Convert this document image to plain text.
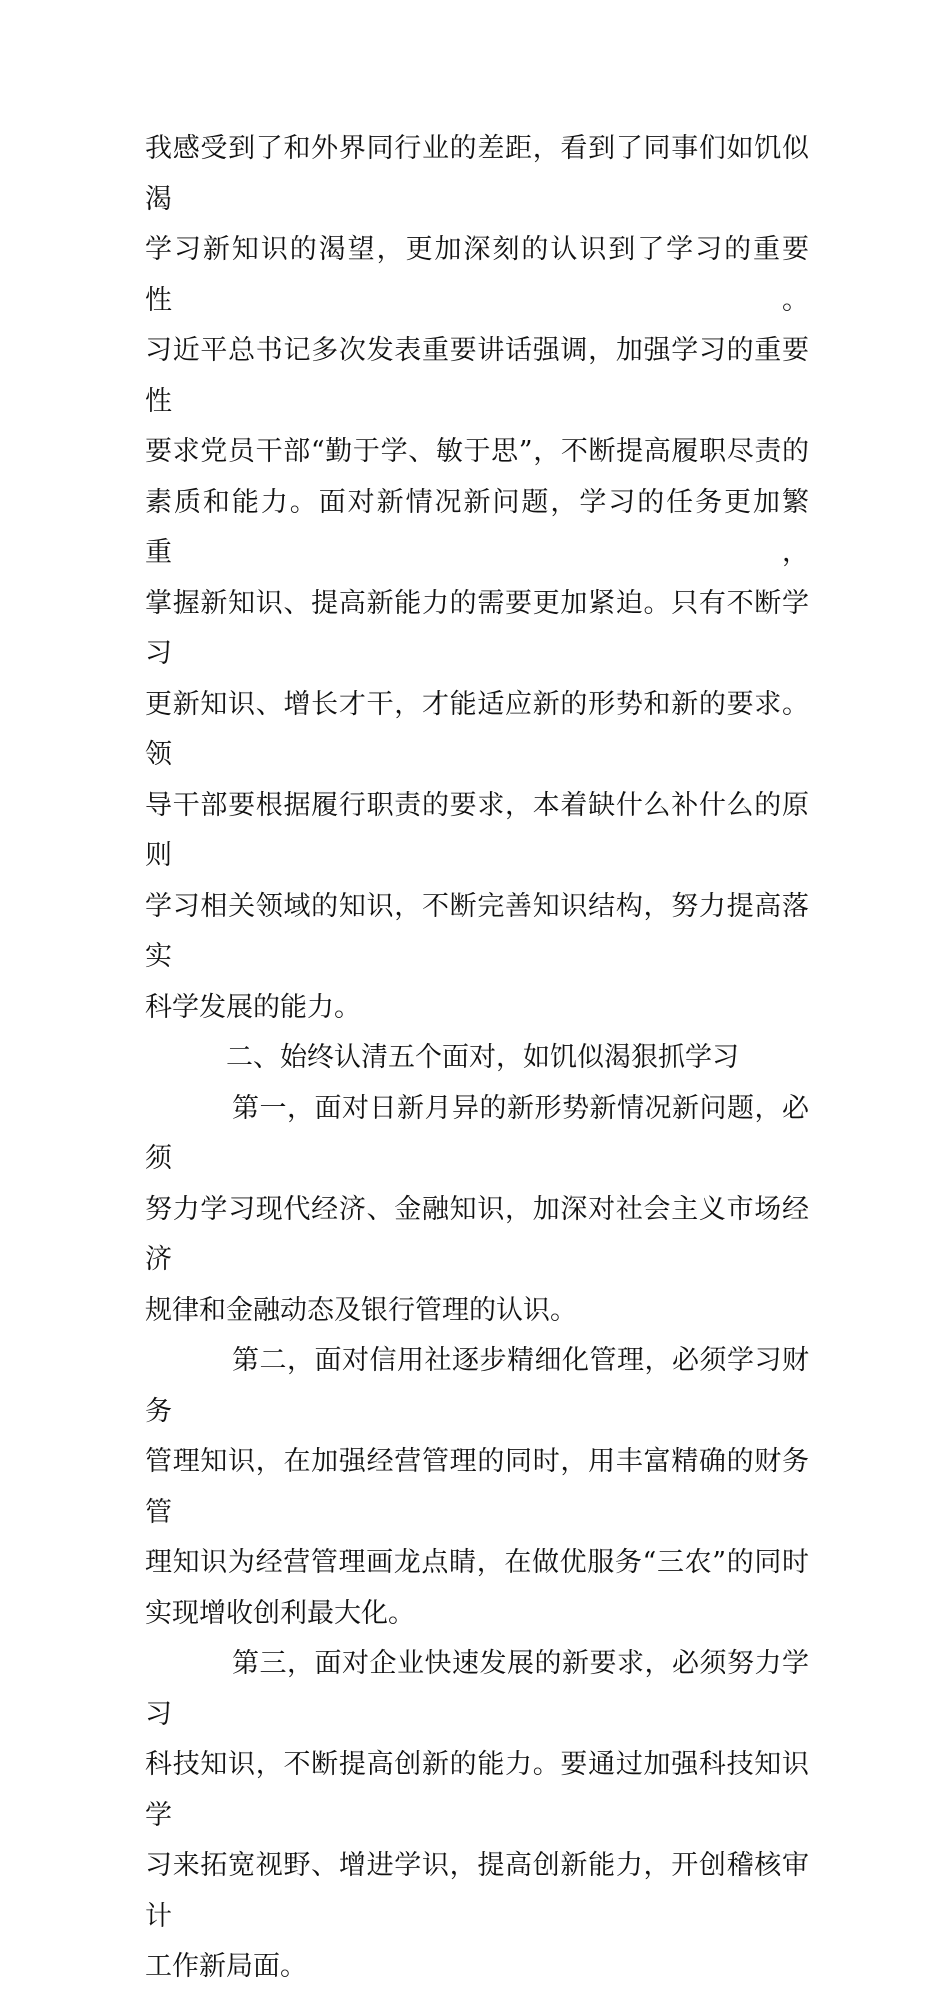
我感受到了和外界同行业的差距，看到了同事们如饥似渴
学习新知识的渴望，更加深刻的认识到了学习的重要性。
习近平总书记多次发表重要讲话强调，加强学习的重要性
要求党员干部“勤于学、敏于思”，不断提高履职尽责的
素质和能力。面对新情况新问题，学习的任务更加繁重，
掌握新知识、提高新能力的需要更加紧迫。只有不断学习
更新知识、增长才干，才能适应新的形势和新的要求。领
导干部要根据履行职责的要求，本着缺什么补什么的原则
学习相关领域的知识，不断完善知识结构，努力提高落实
科学发展的能力。
二、始终认清五个面对，如饥似渴狠抓学习
第一，面对日新月异的新形势新情况新问题，必须
努力学习现代经济、金融知识，加深对社会主义市场经济
规律和金融动态及银行管理的认识。
第二，面对信用社逐步精细化管理，必须学习财务
管理知识，在加强经营管理的同时，用丰富精确的财务管
理知识为经营管理画龙点睛，在做优服务“三农”的同时
实现增收创利最大化。
第三，面对企业快速发展的新要求，必须努力学习
科技知识，不断提高创新的能力。要通过加强科技知识学
习来拓宽视野、增进学识，提高创新能力，开创稽核审计
工作新局面。
